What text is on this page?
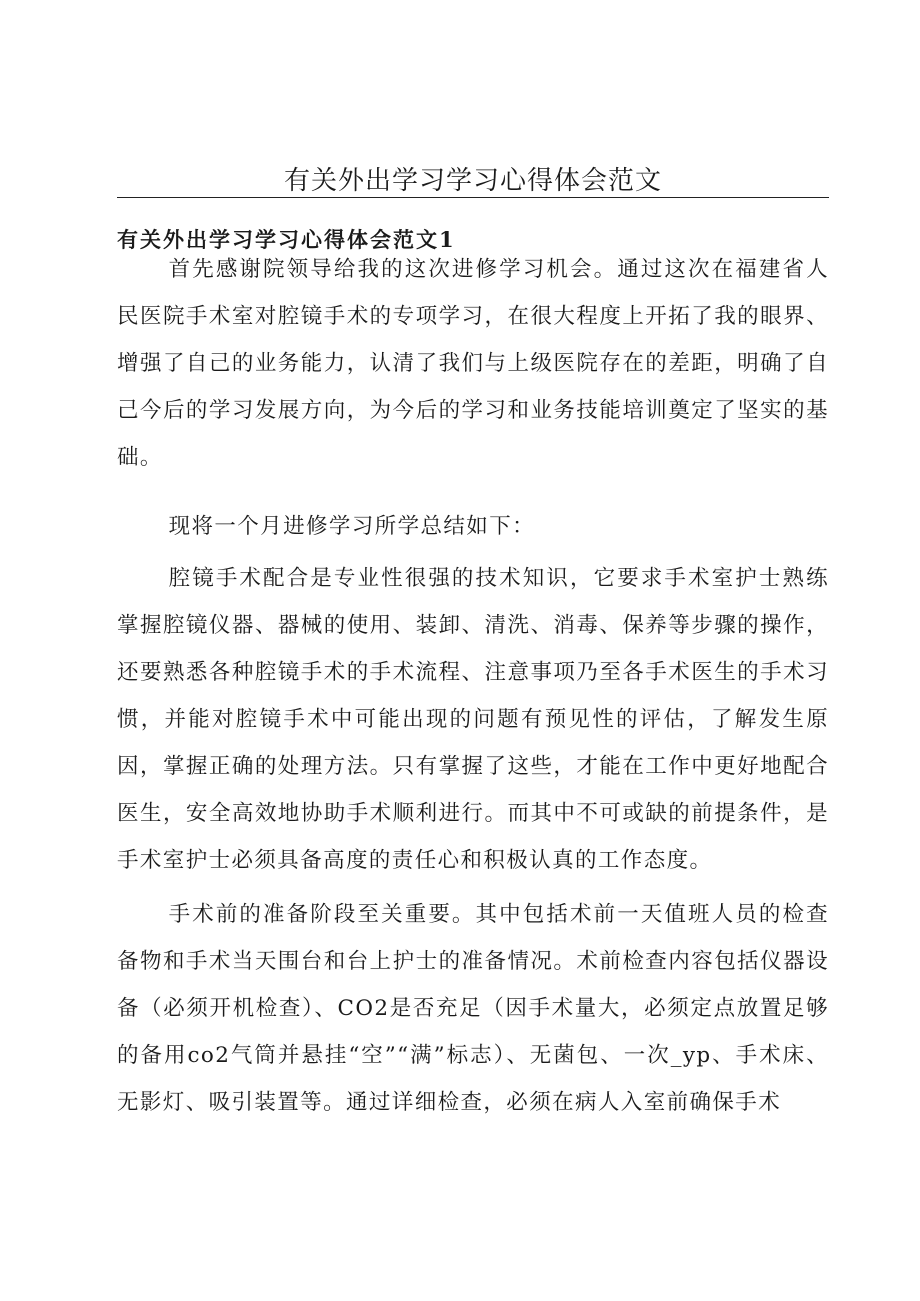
有关外出学习学习心得体会范文
有关外出学习学习心得体会范文1

首先感谢院领导给我的这次进修学习机会。通过这次在福建省人民医院手术室对腔镜手术的专项学习，在很大程度上开拓了我的眼界、增强了自己的业务能力，认清了我们与上级医院存在的差距，明确了自己今后的学习发展方向，为今后的学习和业务技能培训奠定了坚实的基础。

现将一个月进修学习所学总结如下：

腔镜手术配合是专业性很强的技术知识，它要求手术室护士熟练掌握腔镜仪器、器械的使用、装卸、清洗、消毒、保养等步骤的操作，还要熟悉各种腔镜手术的手术流程、注意事项乃至各手术医生的手术习惯，并能对腔镜手术中可能出现的问题有预见性的评估，了解发生原因，掌握正确的处理方法。只有掌握了这些，才能在工作中更好地配合医生，安全高效地协助手术顺利进行。而其中不可或缺的前提条件，是手术室护士必须具备高度的责任心和积极认真的工作态度。

手术前的准备阶段至关重要。其中包括术前一天值班人员的检查备物和手术当天围台和台上护士的准备情况。术前检查内容包括仪器设备（必须开机检查）、CO2是否充足（因手术量大，必须定点放置足够的备用co2气筒并悬挂“空”“满”标志）、无菌包、一次_yp、手术床、无影灯、吸引装置等。通过详细检查，必须在病人入室前确保手术
